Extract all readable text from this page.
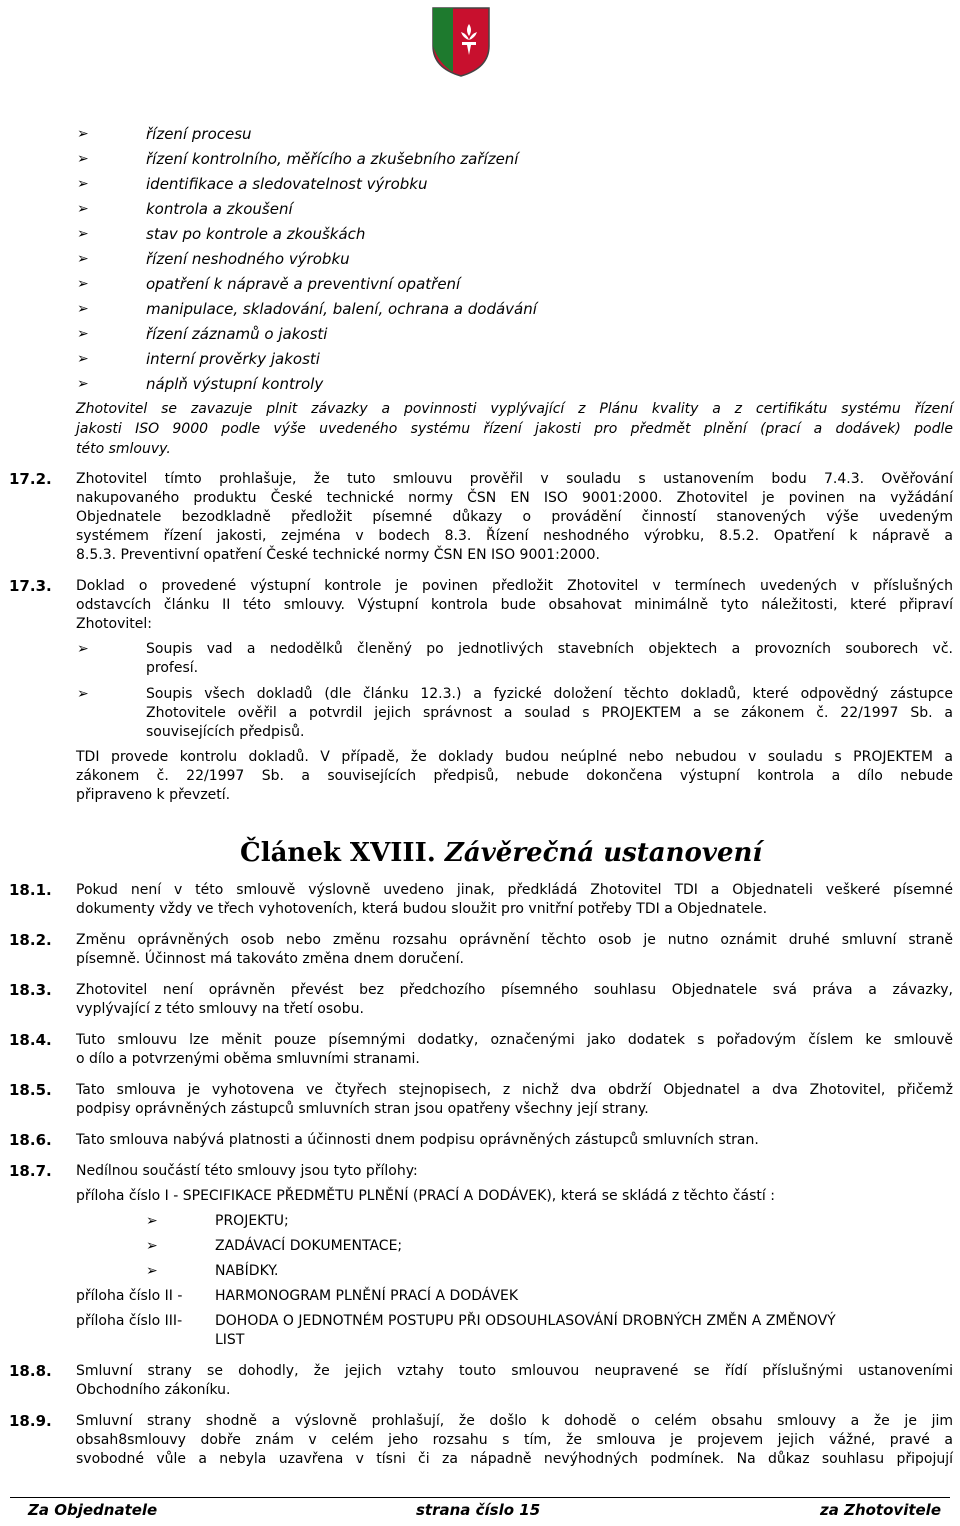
➢	řízení procesu
➢	řízení kontrolního, měřícího a zkušebního zařízení
➢	identifikace a sledovatelnost výrobku
➢	kontrola a zkoušení
➢	stav po kontrole a zkouškách
➢	řízení neshodného výrobku
➢	opatření k nápravě a preventivní opatření
➢	manipulace, skladování, balení, ochrana a dodávání
➢	řízení záznamů o jakosti
➢	interní prověrky jakosti
➢	náplň výstupní kontroly
Zhotovitel se zavazuje plnit závazky a povinnosti vyplývající z Plánu kvality a z certifikátu systému řízení
jakosti ISO 9000 podle výše uvedeného systému řízení jakosti pro předmět plnění (prací a dodávek) podle
této smlouvy.
17.2. Zhotovitel tímto prohlašuje, že tuto smlouvu prověřil v souladu s ustanovením bodu 7.4.3. Ověřování
nakupovaného produktu České technické normy ČSN EN ISO 9001:2000. Zhotovitel je povinen na vyžádání
Objednatele bezodkladně předložit písemné důkazy o provádění činností stanovených výše uvedeným
systémem řízení jakosti, zejména v bodech 8.3. Řízení neshodného výrobku, 8.5.2. Opatření k nápravě a
8.5.3. Preventivní opatření České technické normy ČSN EN ISO 9001:2000.
17.3. Doklad o provedené výstupní kontrole je povinen předložit Zhotovitel v termínech uvedených v příslušných
odstavcích článku II této smlouvy. Výstupní kontrola bude obsahovat minimálně tyto náležitosti, které připraví
Zhotovitel:
➢	Soupis vad a nedodělků členěný po jednotlivých stavebních objektech a provozních souborech vč.
profesí.
➢	Soupis všech dokladů (dle článku 12.3.) a fyzické doložení těchto dokladů, které odpovědný zástupce
Zhotovitele ověřil a potvrdil jejich správnost a soulad s PROJEKTEM a se zákonem č. 22/1997 Sb. a
souvisejících předpisů.
TDI provede kontrolu dokladů. V případě, že doklady budou neúplné nebo nebudou v souladu s PROJEKTEM a
zákonem č. 22/1997 Sb. a souvisejících předpisů, nebude dokončena výstupní kontrola a dílo nebude
připraveno k převzetí.
Článek XVIII. Závěrečná ustanovení
18.1. Pokud není v této smlouvě výslovně uvedeno jinak, předkládá Zhotovitel TDI a Objednateli veškeré písemné
dokumenty vždy ve třech vyhotoveních, která budou sloužit pro vnitřní potřeby TDI a Objednatele.
18.2. Změnu oprávněných osob nebo změnu rozsahu oprávnění těchto osob je nutno oznámit druhé smluvní straně
písemně. Účinnost má takováto změna dnem doručení.
18.3. Zhotovitel není oprávněn převést bez předchozího písemného souhlasu Objednatele svá práva a závazky,
vyplývající z této smlouvy na třetí osobu.
18.4. Tuto smlouvu lze měnit pouze písemnými dodatky, označenými jako dodatek s pořadovým číslem ke smlouvě
o dílo a potvrzenými oběma smluvními stranami.
18.5. Tato smlouva je vyhotovena ve čtyřech stejnopisech, z nichž dva obdrží Objednatel a dva Zhotovitel, přičemž
podpisy oprávněných zástupců smluvních stran jsou opatřeny všechny její strany.
18.6. Tato smlouva nabývá platnosti a účinnosti dnem podpisu oprávněných zástupců smluvních stran.
18.7. Nedílnou součástí této smlouvy jsou tyto přílohy:
příloha číslo I - SPECIFIKACE PŘEDMĚTU PLNĚNÍ (PRACÍ A DODÁVEK), která se skládá z těchto částí :
➢	PROJEKTU;
➢	ZADÁVACÍ DOKUMENTACE;
➢	NABÍDKY.
příloha číslo II - HARMONOGRAM PLNĚNÍ PRACÍ A DODÁVEK
příloha číslo III- DOHODA O JEDNOTNÉM POSTUPU PŘI ODSOUHLASOVÁNÍ DROBNÝCH ZMĚN A ZMĚNOVÝ
LIST
18.8. Smluvní strany se dohodly, že jejich vztahy touto smlouvou neupravené se řídí příslušnými ustanoveními
Obchodního zákoníku.
18.9. Smluvní strany shodně a výslovně prohlašují, že došlo k dohodě o celém obsahu smlouvy a že je jim
obsah8smlouvy dobře znám v celém jeho rozsahu s tím, že smlouva je projevem jejich vážné, pravé a
svobodné vůle a nebyla uzavřena v tísni či za nápadně nevýhodných podmínek. Na důkaz souhlasu připojují
Za Objednatele	strana číslo 15	za Zhotovitele
